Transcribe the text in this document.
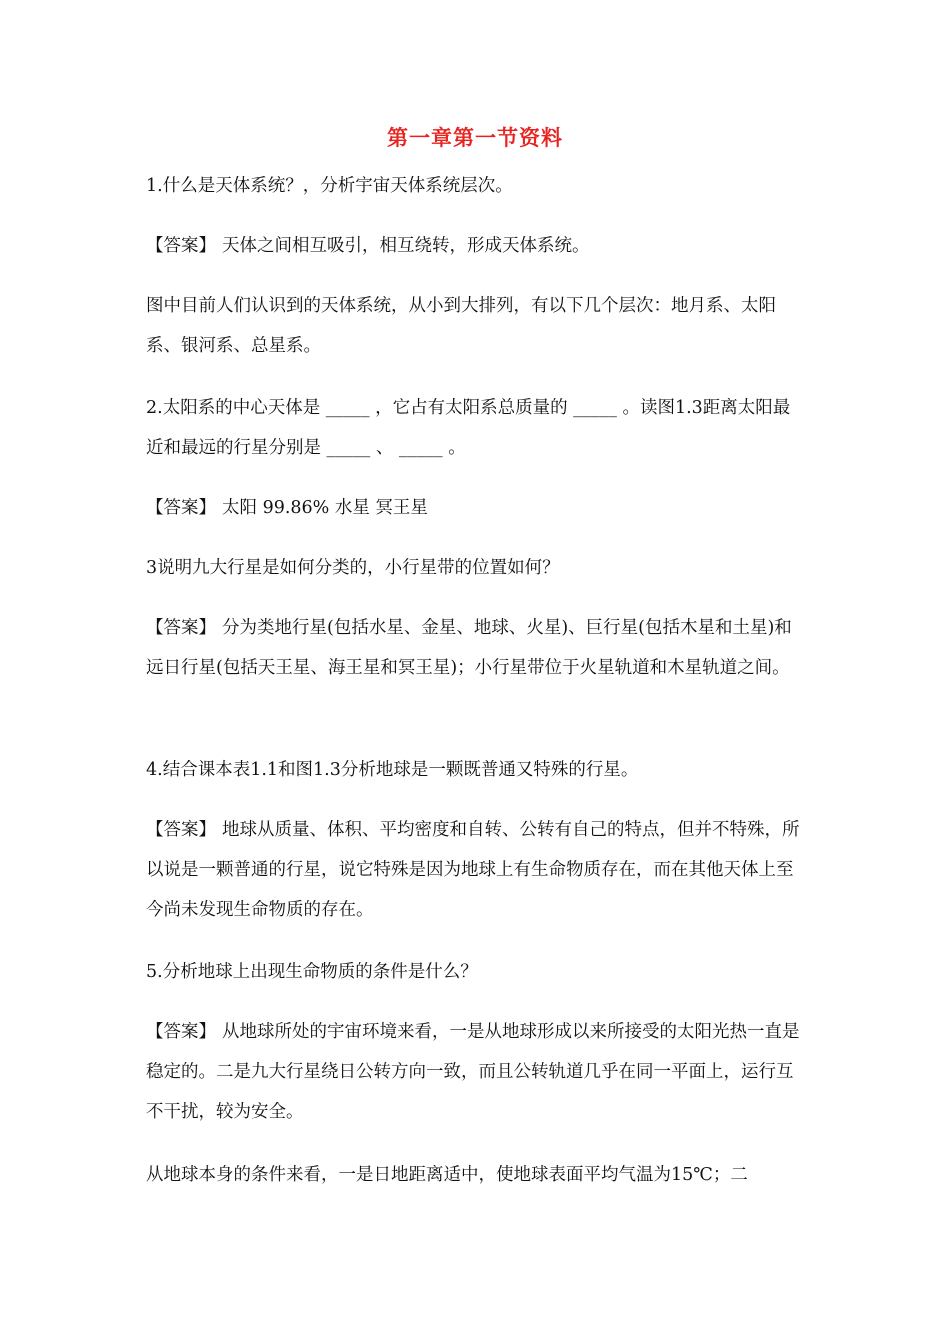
第一章第一节资料

1.什么是天体系统？，分析宇宙天体系统层次。

【答案】 天体之间相互吸引，相互绕转，形成天体系统。

图中目前人们认识到的天体系统，从小到大排列，有以下几个层次：地月系、太阳系、银河系、总星系。

2.太阳系的中心天体是 _____ ，它占有太阳系总质量的 _____ 。读图1.3距离太阳最近和最远的行星分别是 _____ 、 _____ 。

【答案】 太阳 99.86% 水星 冥王星

3说明九大行星是如何分类的，小行星带的位置如何？

【答案】 分为类地行星(包括水星、金星、地球、火星)、巨行星(包括木星和土星)和远日行星(包括天王星、海王星和冥王星)；小行星带位于火星轨道和木星轨道之间。

4.结合课本表1.1和图1.3分析地球是一颗既普通又特殊的行星。

【答案】 地球从质量、体积、平均密度和自转、公转有自己的特点，但并不特殊，所以说是一颗普通的行星，说它特殊是因为地球上有生命物质存在，而在其他天体上至今尚未发现生命物质的存在。

5.分析地球上出现生命物质的条件是什么？

【答案】 从地球所处的宇宙环境来看，一是从地球形成以来所接受的太阳光热一直是稳定的。二是九大行星绕日公转方向一致，而且公转轨道几乎在同一平面上，运行互不干扰，较为安全。

从地球本身的条件来看，一是日地距离适中，使地球表面平均气温为15℃；二
